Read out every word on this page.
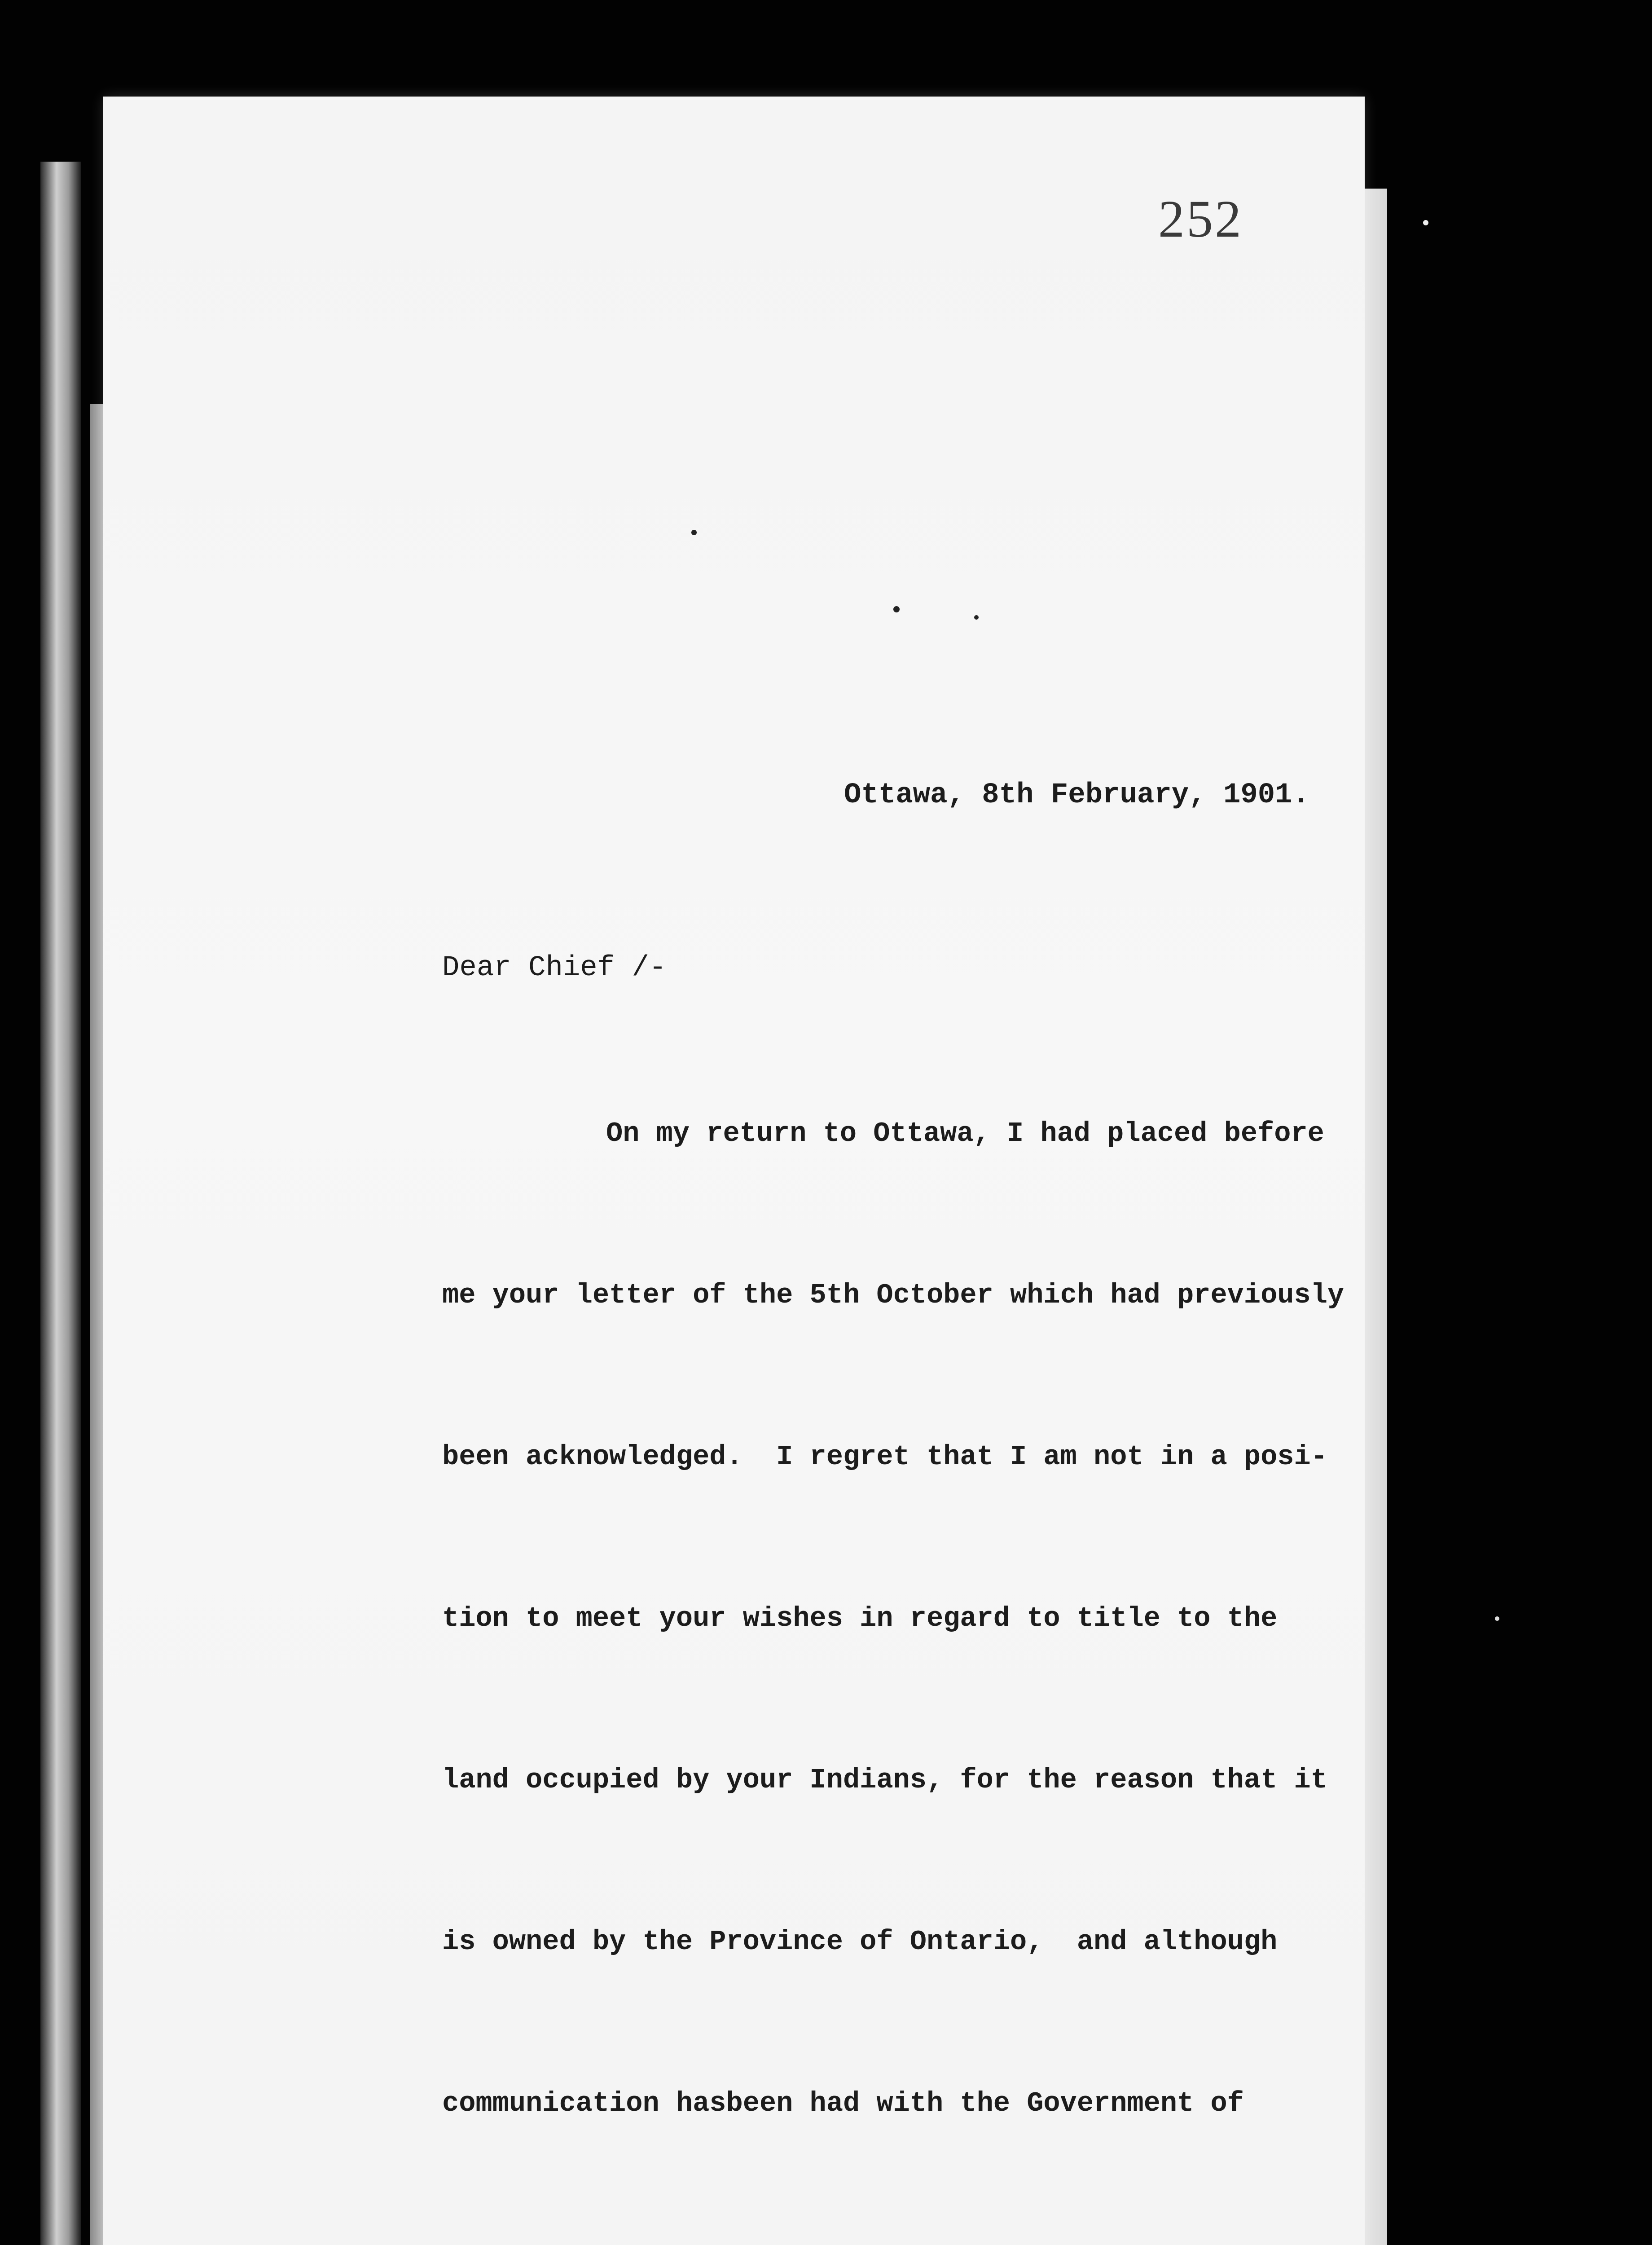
252
Ottawa, 8th February, 1901.
Dear Chief /-

On my return to Ottawa, I had placed before

me your letter of the 5th October which had previously

been acknowledged.  I regret that I am not in a posi-

tion to meet your wishes in regard to title to the

land occupied by your Indians, for the reason that it

is owned by the Province of Ontario,  and although

communication hasbeen had with the Government of
